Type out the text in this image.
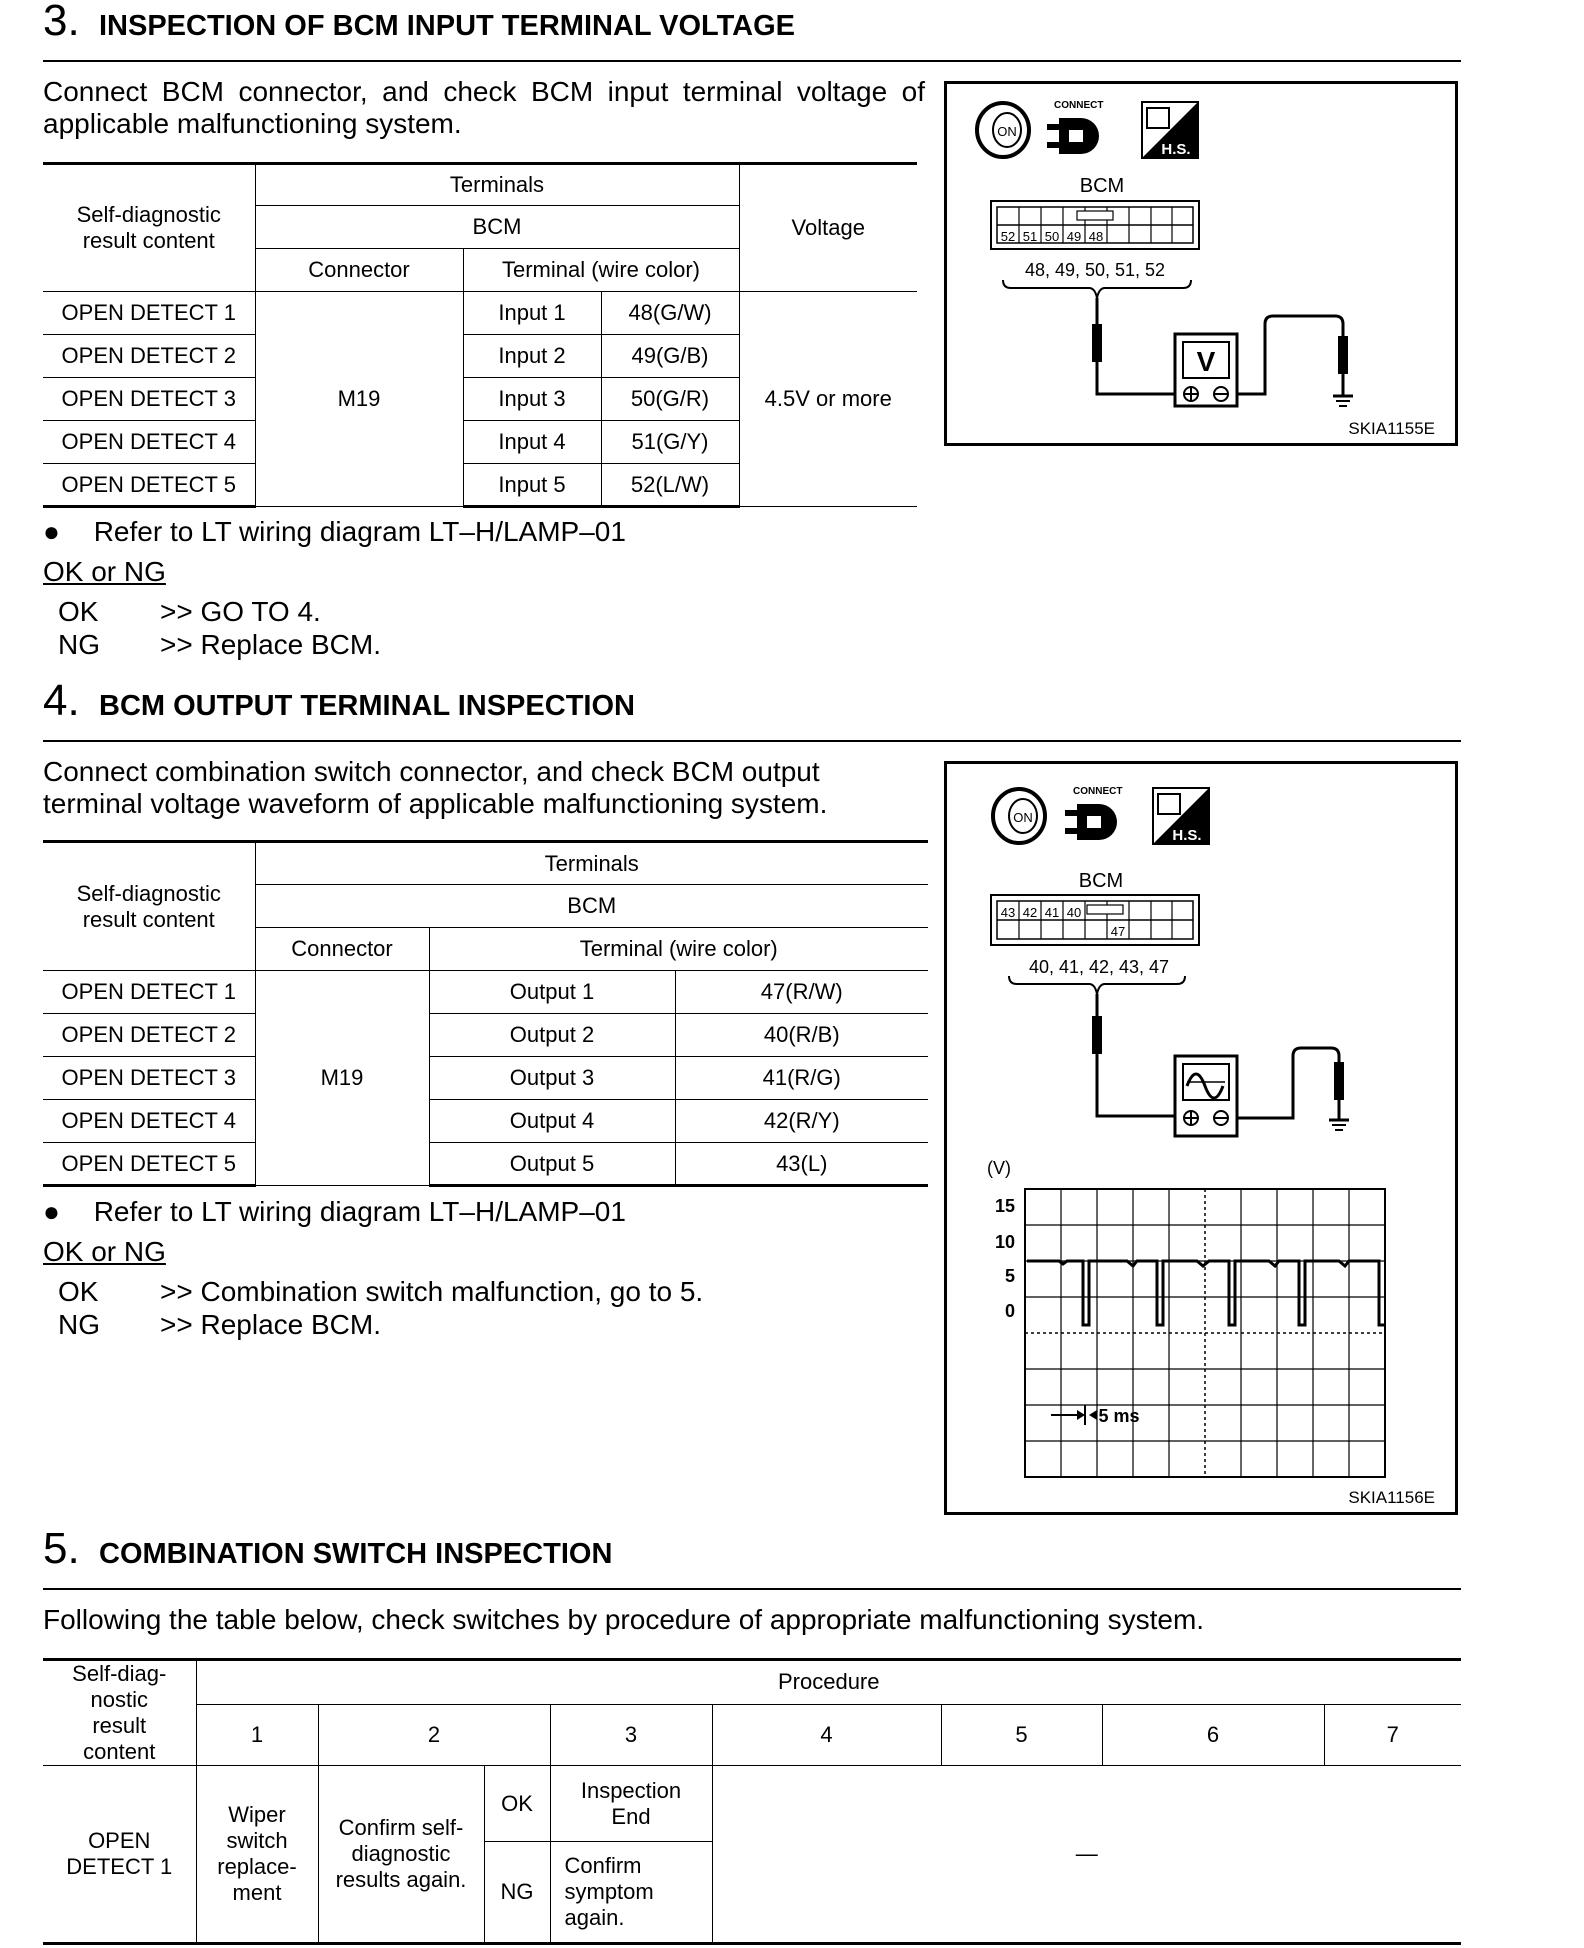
3. INSPECTION OF BCM INPUT TERMINAL VOLTAGE
Connect BCM connector, and check BCM input terminal voltage of applicable malfunctioning system.
Self-diagnostic result content	Terminals			Voltage
	BCM			
	Connector	Terminal (wire color)		
OPEN DETECT 1	M19	Input 1	48(G/W)	4.5V or more
OPEN DETECT 2		Input 2	49(G/B)	
OPEN DETECT 3		Input 3	50(G/R)	
OPEN DETECT 4		Input 4	51(G/Y)	
OPEN DETECT 5		Input 5	52(L/W)	
● Refer to LT wiring diagram LT–H/LAMP–01
OK or NG
OK >> GO TO 4.
NG >> Replace BCM.
ON
CONNECT
H.S.
BCM
52 51 50 49 48
48, 49, 50, 51, 52
V
SKIA1155E
4. BCM OUTPUT TERMINAL INSPECTION
Connect combination switch connector, and check BCM output terminal voltage waveform of applicable malfunctioning system.
Self-diagnostic result content	Terminals		
	BCM		
	Connector	Terminal (wire color)	
OPEN DETECT 1	M19	Output 1	47(R/W)
OPEN DETECT 2		Output 2	40(R/B)
OPEN DETECT 3		Output 3	41(R/G)
OPEN DETECT 4		Output 4	42(R/Y)
OPEN DETECT 5		Output 5	43(L)
● Refer to LT wiring diagram LT–H/LAMP–01
OK or NG
OK >> Combination switch malfunction, go to 5.
NG >> Replace BCM.
ON
CONNECT
H.S.
BCM
43 42 41 40
47
40, 41, 42, 43, 47
(V)
15
10
5
0
5 ms
SKIA1156E
5. COMBINATION SWITCH INSPECTION
Following the table below, check switches by procedure of appropriate malfunctioning system.
Self-diag-nostic result content	Procedure							
	1	2		3	4	5	6	7
OPEN DETECT 1	Wiper switch replace-ment	Confirm self-diagnostic results again.	OK	Inspection End	—			
			NG	Confirm symptom again.				
